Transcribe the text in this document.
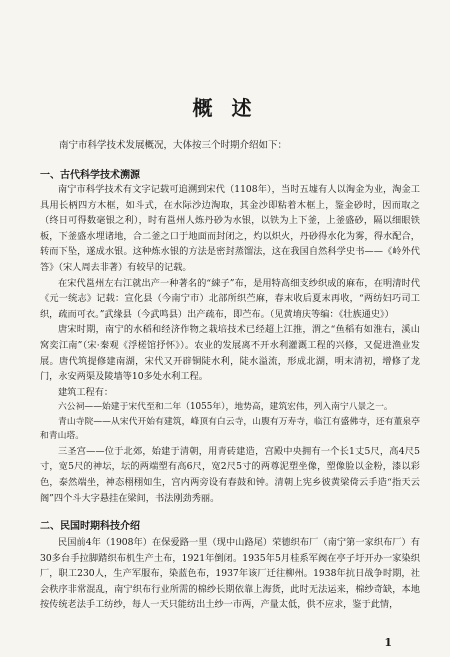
概 述
南宁市科学技术发展概况，大体按三个时期介绍如下：
一、古代科学技术溯源

南宁市科学技术有文字记载可追溯到宋代（1108年），当时五墟有人以淘金为业，淘金工具用长柄四方木框，如斗式，在水际沙边淘取，其金沙即粘着木框上，鉴金砂时，因而取之（终日可得数毫银之利），时有邕州人炼丹砂为水银，以铁为上下釜，上釜盛砂，隔以细眼铁板，下釜盛水埋诸地，合二釜之口于地面而封闭之，灼以炽火，丹砂得水化为雾，得水配合，转而下坠，遂成水银。这种炼水银的方法是密封蒸馏法，这在我国自然科学史书——《岭外代答》（宋人周去非著）有较早的记载。

在宋代邕州左右江就出产一种著名的“綀子”布，是用特高细支纱织成的麻布，在明清时代《元一统志》记载：宣化县（今南宁市）北部所织苎麻，春末收后夏末再收，“两纺妇巧司工织，疏而可衣。”武缘县（今武鸣县）出产疏布，即苎布。（见黄堉庆等编：《壮族通史》）

唐宋时期，南宁的水稻和经济作物之栽培技术已经超上江推，渭之“鱼稻有如淮右，溪山窝奕江南”（宋·秦观《浮槎馆抒怀》）。农业的发展离不开水利灌溉工程的兴修，又促进渔业发展。唐代筑提修建南湖，宋代又开辟铜陡水利，陡水溢流，形成北湖，明末清初，增修了龙门，永安两渠及陵墙等10多处水利工程。

建筑工程有：

六公祠——始建于宋代至和二年（1055年），地势高，建筑宏伟，列入南宁八景之一。

青山寺院——从宋代开始有建筑，峰顶有白云寺，山腹有万寿寺，临江有盛佛寺，还有董泉亭和青山塔。

三圣宫——位于北郊，始建于清朝，用青砖建造，宫殿中央拥有一个长1丈5尺，高4尺5寸，宽5尺的神坛，坛的两端塑有高6尺，宽2尺5寸的两尊泥塑坐像，塑像脸以金粉，漆以彩色，泰然端坐，神态栩栩如生，宫内两旁设有春鼓和钟。清朝上宪乡彼黄梁倚云手造“指天云阁”四个斗大字悬挂在梁间，书法刚劲秀丽。

二、民国时期科技介绍

民国前4年（1908年）在保爱路一里（现中山路尾）荣德织布厂（南宁第一家织布厂）有30多台手拉脚踏织布机生产土布，1921年倒闭。1935年5月桂系军阀在亭子圩开办一家染织厂，职工230人，生产军服布，染蓝色布，1937年该厂迁往柳州。1938年抗日战争时期，社会秩序非常混乱，南宁织布行业所需的棉纱长期依靠上海货，此时无法运来，棉纱奇缺，本地按传统老法手工纺纱，每人一天只能纺出土纱一市两，产量太低，供不应求，鉴于此情，

1
